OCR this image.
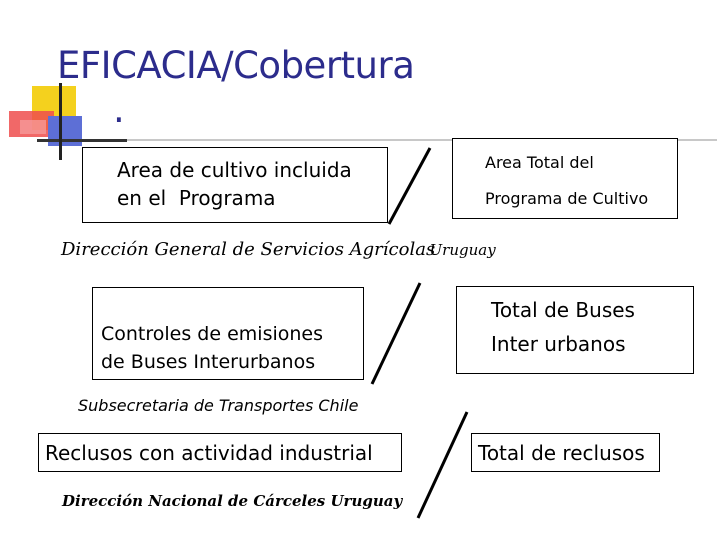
EFICACIA/Cobertura
.
Area de cultivo incluida
en el  Programa
Area Total del
Programa de Cultivo
Dirección General de Servicios Agrícolas
. Uruguay
Controles de emisiones
de Buses Interurbanos
Total de Buses
Inter urbanos
Subsecretaria de Transportes Chile
Reclusos con actividad industrial	Total de reclusos
Dirección Nacional de Cárceles Uruguay
